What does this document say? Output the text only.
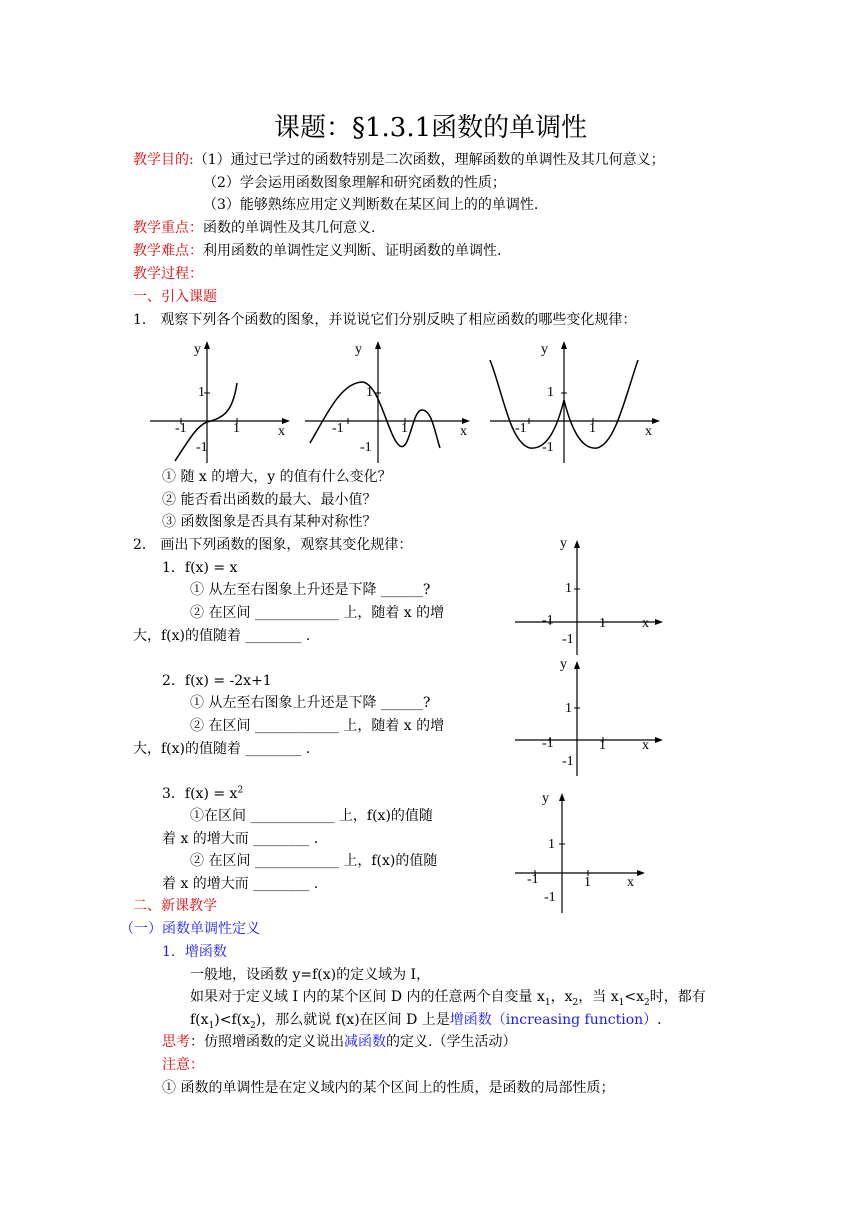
课题：§1.3.1函数的单调性
教学目的:（1）通过已学过的函数特别是二次函数，理解函数的单调性及其几何意义；
（2）学会运用函数图象理解和研究函数的性质；
（3）能够熟练应用定义判断数在某区间上的的单调性.
教学重点：函数的单调性及其几何意义.
教学难点：利用函数的单调性定义判断、证明函数的单调性.
教学过程：
一、引入课题
1． 观察下列各个函数的图象，并说说它们分别反映了相应函数的哪些变化规律：
y
x
1
-1	1
-1
y
x
1
-1	1
-1
y
x
1
-1	1
-1
① 随 x 的增大，y 的值有什么变化？
② 能否看出函数的最大、最小值？
③ 函数图象是否具有某种对称性？
2． 画出下列函数的图象，观察其变化规律：
1．f(x) = x
① 从左至右图象上升还是下降 ______?
② 在区间 ____________ 上，随着 x 的增
大，f(x)的值随着 ________ .
2．f(x) = -2x+1
① 从左至右图象上升还是下降 ______?
② 在区间 ____________ 上，随着 x 的增
大，f(x)的值随着 ________ .
3．$f(x) = x^2$
①在区间 ____________ 上，f(x)的值随
着 x 的增大而 ________ .
② 在区间 ____________ 上，f(x)的值随
着 x 的增大而 ________ .
y
x
1
-1	1
-1
y
x
1
-1	1
-1
y
x
1
-1	1
-1
二、新课教学
（一）函数单调性定义
1．增函数
一般地，设函数 y=f(x)的定义域为 I，
如果对于定义域 I 内的某个区间 D 内的任意两个自变量 $x_1$，$x_2$，当 $x_1<x_2$时，都有
$f(x_1)<f(x_2)$，那么就说 f(x)在区间 D 上是增函数（increasing function）.
思考：仿照增函数的定义说出减函数的定义.（学生活动）
注意：
① 函数的单调性是在定义域内的某个区间上的性质，是函数的局部性质；
